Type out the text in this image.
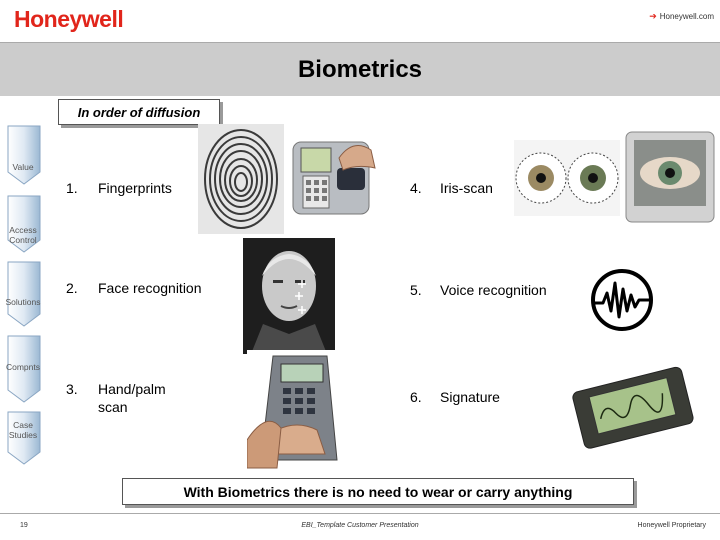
Honeywell	➔ Honeywell.com
Biometrics
In order of diffusion
Value
Access Control
Solutions
Compnts
Case Studies
1. Fingerprints
2. Face recognition
3. Hand/palm scan
4. Iris-scan
5. Voice recognition
6. Signature
With Biometrics there is no need to wear or carry anything
19	EBI_Template Customer Presentation	Honeywell Proprietary
